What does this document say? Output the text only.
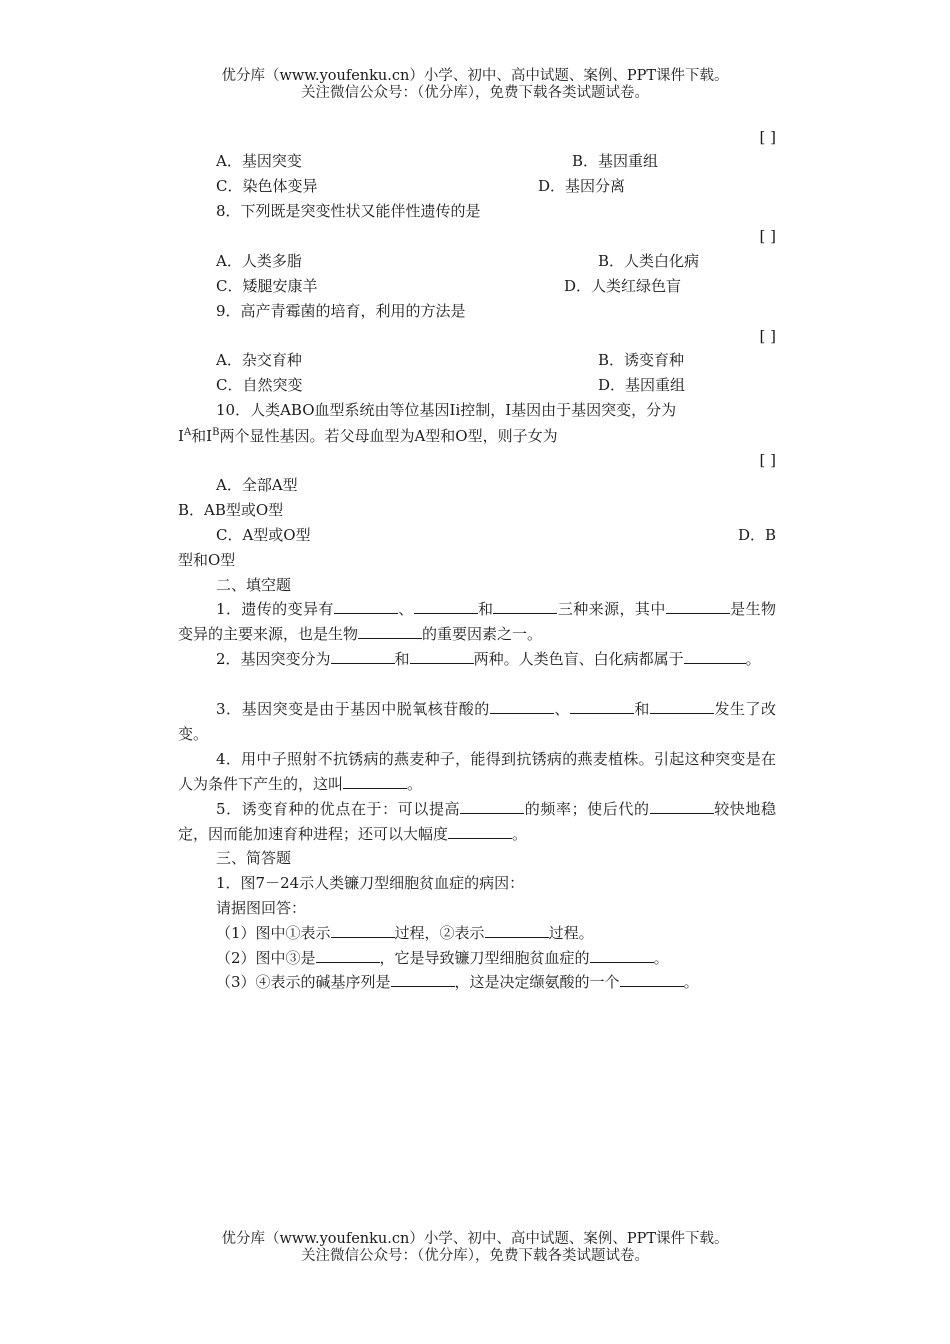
优分库（www.youfenku.cn）小学、初中、高中试题、案例、PPT课件下载。
关注微信公众号：（优分库），免费下载各类试题试卷。
[ ]
A．基因突变	B．基因重组
C．染色体变异	D．基因分离
8．下列既是突变性状又能伴性遗传的是
[ ]
A．人类多脂	B．人类白化病
C．矮腿安康羊	D．人类红绿色盲
9．高产青霉菌的培育，利用的方法是
[ ]
A．杂交育种	B．诱变育种
C．自然突变	D．基因重组
10．人类ABO血型系统由等位基因Ⅰi控制，Ⅰ基因由于基因突变，分为
Ⅰ$^A$和Ⅰ$^B$两个显性基因。若父母血型为A型和O型，则子女为
[ ]
A．全部A型
B．AB型或O型
C．A型或O型	D．B
型和O型
二、填空题
1．遗传的变异有	、	和	三种来源，其中	是生物变异的主要来源，也是生物	的重要因素之一。
2．基因突变分为	和	两种。人类色盲、白化病都属于	。
3．基因突变是由于基因中脱氧核苷酸的	、	和	发生了改变。
4．用中子照射不抗锈病的燕麦种子，能得到抗锈病的燕麦植株。引起这种突变是在人为条件下产生的，这叫	。
5．诱变育种的优点在于：可以提高	的频率；使后代的	较快地稳定，因而能加速育种进程；还可以大幅度	。
三、简答题
1．图7－24示人类镰刀型细胞贫血症的病因：
请据图回答：
（1）图中①表示	过程，②表示	过程。
（2）图中③是	，它是导致镰刀型细胞贫血症的	。
（3）④表示的碱基序列是	，这是决定缬氨酸的一个	。
优分库（www.youfenku.cn）小学、初中、高中试题、案例、PPT课件下载。
关注微信公众号：（优分库），免费下载各类试题试卷。
